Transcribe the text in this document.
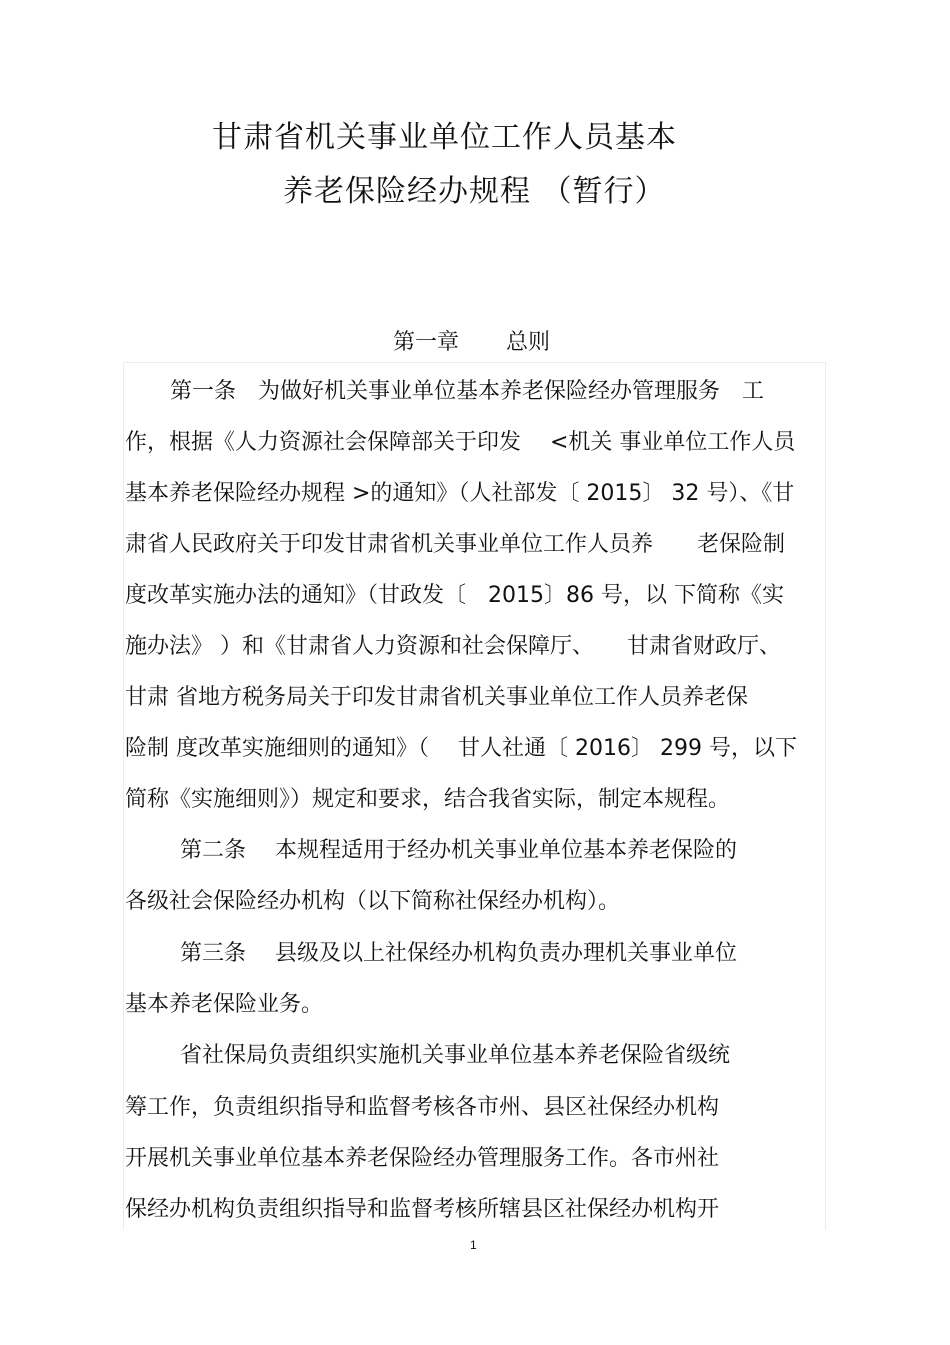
甘肃省机关事业单位工作人员基本
养老保险经办规程 （暂行）
第一章 总则
第一条　为做好机关事业单位基本养老保险经办管理服务　工
作，根据《人力资源社会保障部关于印发　 <机关 事业单位工作人员
基本养老保险经办规程 >的通知》（人社部发〔 2015〕 32 号）、《甘
肃省人民政府关于印发甘肃省机关事业单位工作人员养　　老保险制
度改革实施办法的通知》（甘政发〔　2015〕86 号，以 下简称《实
施办法》 ）和《甘肃省人力资源和社会保障厅、　　甘肃省财政厅、
甘肃 省地方税务局关于印发甘肃省机关事业单位工作人员养老保
险制 度改革实施细则的通知》（　 甘人社通〔 2016〕 299 号，以下
简称《实施细则》）规定和要求，结合我省实际，制定本规程。
第二条　 本规程适用于经办机关事业单位基本养老保险的
各级社会保险经办机构（以下简称社保经办机构）。
第三条　 县级及以上社保经办机构负责办理机关事业单位
基本养老保险业务。
省社保局负责组织实施机关事业单位基本养老保险省级统
筹工作，负责组织指导和监督考核各市州、县区社保经办机构
开展机关事业单位基本养老保险经办管理服务工作。各市州社
保经办机构负责组织指导和监督考核所辖县区社保经办机构开
1
